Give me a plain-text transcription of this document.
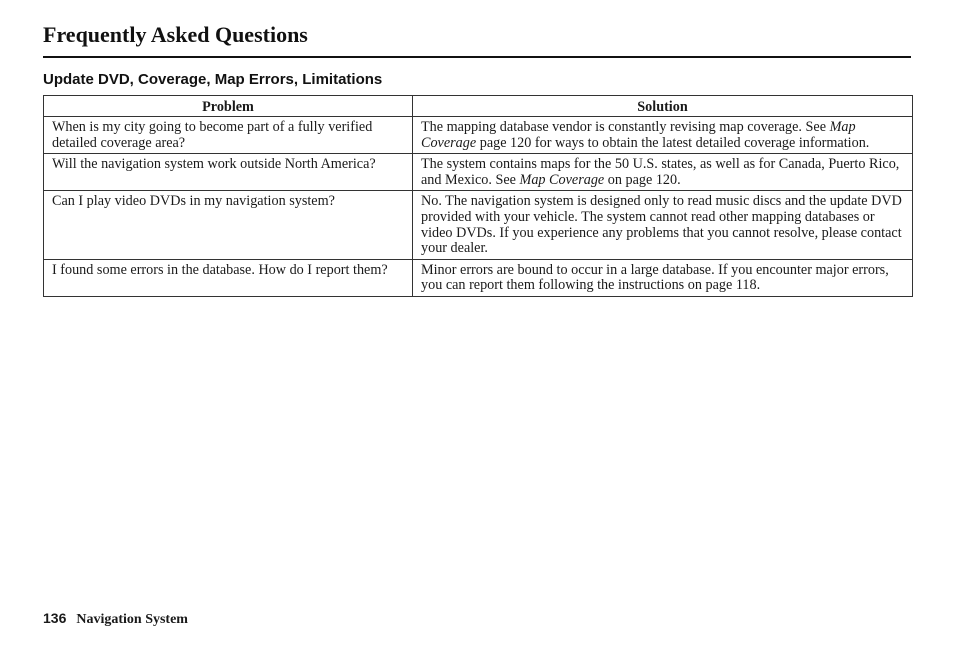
Frequently Asked Questions
Update DVD, Coverage, Map Errors, Limitations
Problem	Solution
When is my city going to become part of a fully verified detailed coverage area?	The mapping database vendor is constantly revising map coverage. See Map Coverage page 120 for ways to obtain the latest detailed coverage information.
Will the navigation system work outside North America?	The system contains maps for the 50 U.S. states, as well as for Canada, Puerto Rico, and Mexico. See Map Coverage on page 120.
Can I play video DVDs in my navigation system?	No. The navigation system is designed only to read music discs and the update DVD provided with your vehicle. The system cannot read other mapping databases or video DVDs. If you experience any problems that you cannot resolve, please contact your dealer.
I found some errors in the database. How do I report them?	Minor errors are bound to occur in a large database. If you encounter major errors, you can report them following the instructions on page 118.
136 Navigation System
